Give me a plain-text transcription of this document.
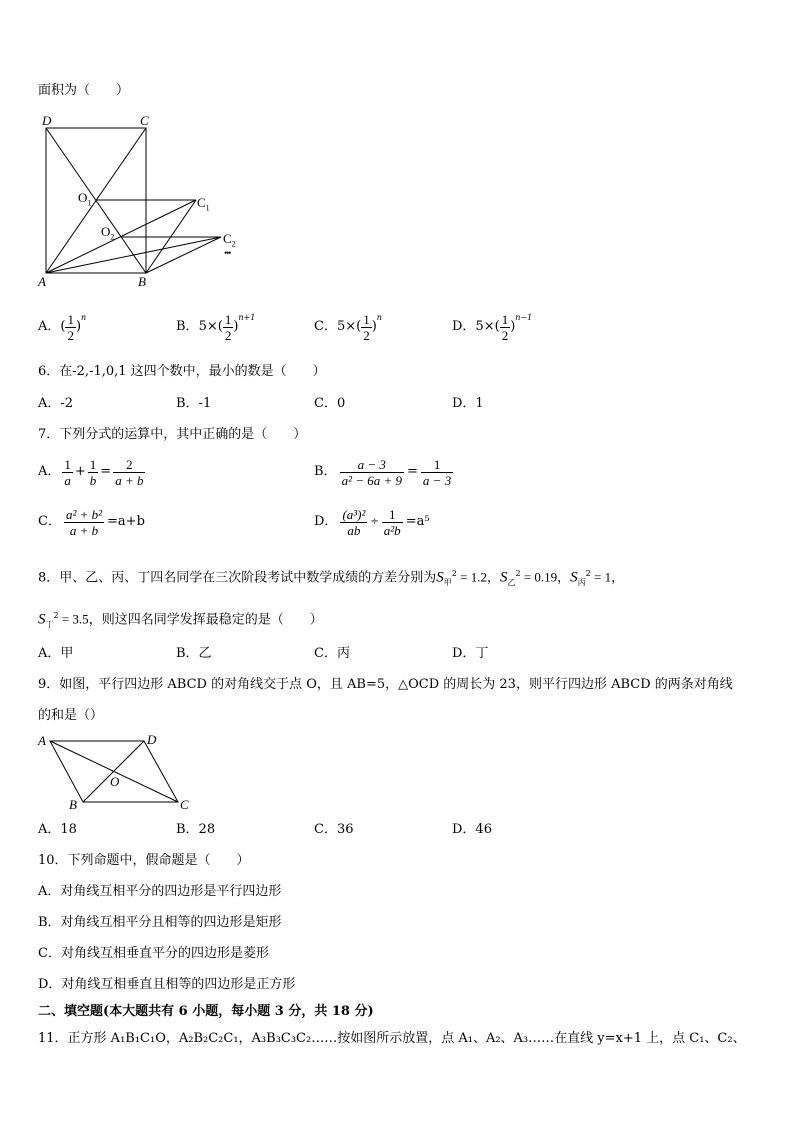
面积为（　　）
D	C
A	B
$O_1$
$O_2$
$C_1$
$C_2$
•••
A． ( $\frac{1}{2}$ )
$^n$
B． 5× ( $\frac{1}{2}$ )
$^{n+1}$
C． 5× ( $\frac{1}{2}$ )
$^n$
D． 5× ( $\frac{1}{2}$ )
$^{n-1}$
6．在-2,-1,0,1 这四个数中，最小的数是（　　）
A．-2	B．-1	C．0	D．1
7．下列分式的运算中，其中正确的是（　　）
A． $\frac{1}{a} + \frac{1}{b} = \frac{2}{a + b}$	B． $\frac{a - 3}{\text{a² − 6a + 9}} = \frac{1}{a - 3}$
C． $\frac{\text{a² + b²}}{a + b} =a+b$	D． $\frac{\text{(a³)²}}{ab} \div \frac{1}{\text{a²b}} =a^5$
8．甲、乙、丙、丁四名同学在三次阶段考试中数学成绩的方差分别为$S_甲^2 = 1.2$，$S_乙^2 = 0.19$，$S_丙^2 = 1$，
$S_丁^2 = 3.5$，则这四名同学发挥最稳定的是（　　）
A．甲	B．乙	C．丙	D．丁
9．如图，平行四边形 ABCD 的对角线交于点 O，且 AB=5，△OCD 的周长为 23，则平行四边形 ABCD 的两条对角线
的和是（）
A	D
O
B	C
A．18	B．28	C．36	D．46
10．下列命题中，假命题是（　　）
A．对角线互相平分的四边形是平行四边形
B．对角线互相平分且相等的四边形是矩形
C．对角线互相垂直平分的四边形是菱形
D．对角线互相垂直且相等的四边形是正方形
二、填空题(本大题共有 6 小题，每小题 3 分，共 18 分)
11．正方形 A₁B₁C₁O，A₂B₂C₂C₁，A₃B₃C₃C₂……按如图所示放置，点 A₁、A₂、A₃……在直线 y=x+1 上，点 C₁、C₂、
